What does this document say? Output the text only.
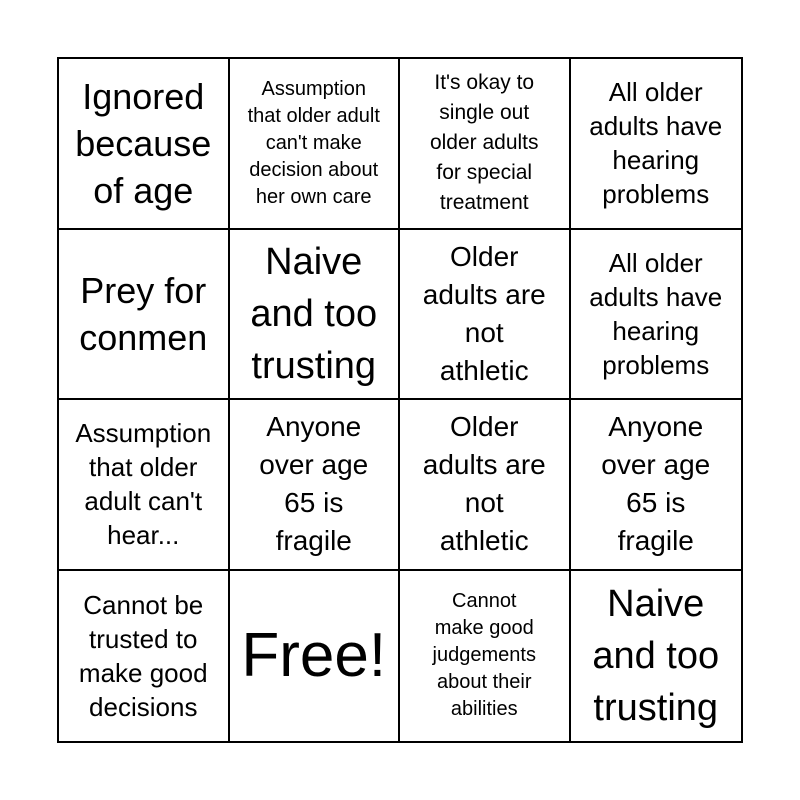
Ignored
because
of age
Assumption
that older adult
can't make
decision about
her own care
It's okay to
single out
older adults
for special
treatment
All older
adults have
hearing
problems
Prey for
conmen
Naive
and too
trusting
Older
adults are
not
athletic
All older
adults have
hearing
problems
Assumption
that older
adult can't
hear...
Anyone
over age
65 is
fragile
Older
adults are
not
athletic
Anyone
over age
65 is
fragile
Cannot be
trusted to
make good
decisions
Free!
Cannot
make good
judgements
about their
abilities
Naive
and too
trusting
